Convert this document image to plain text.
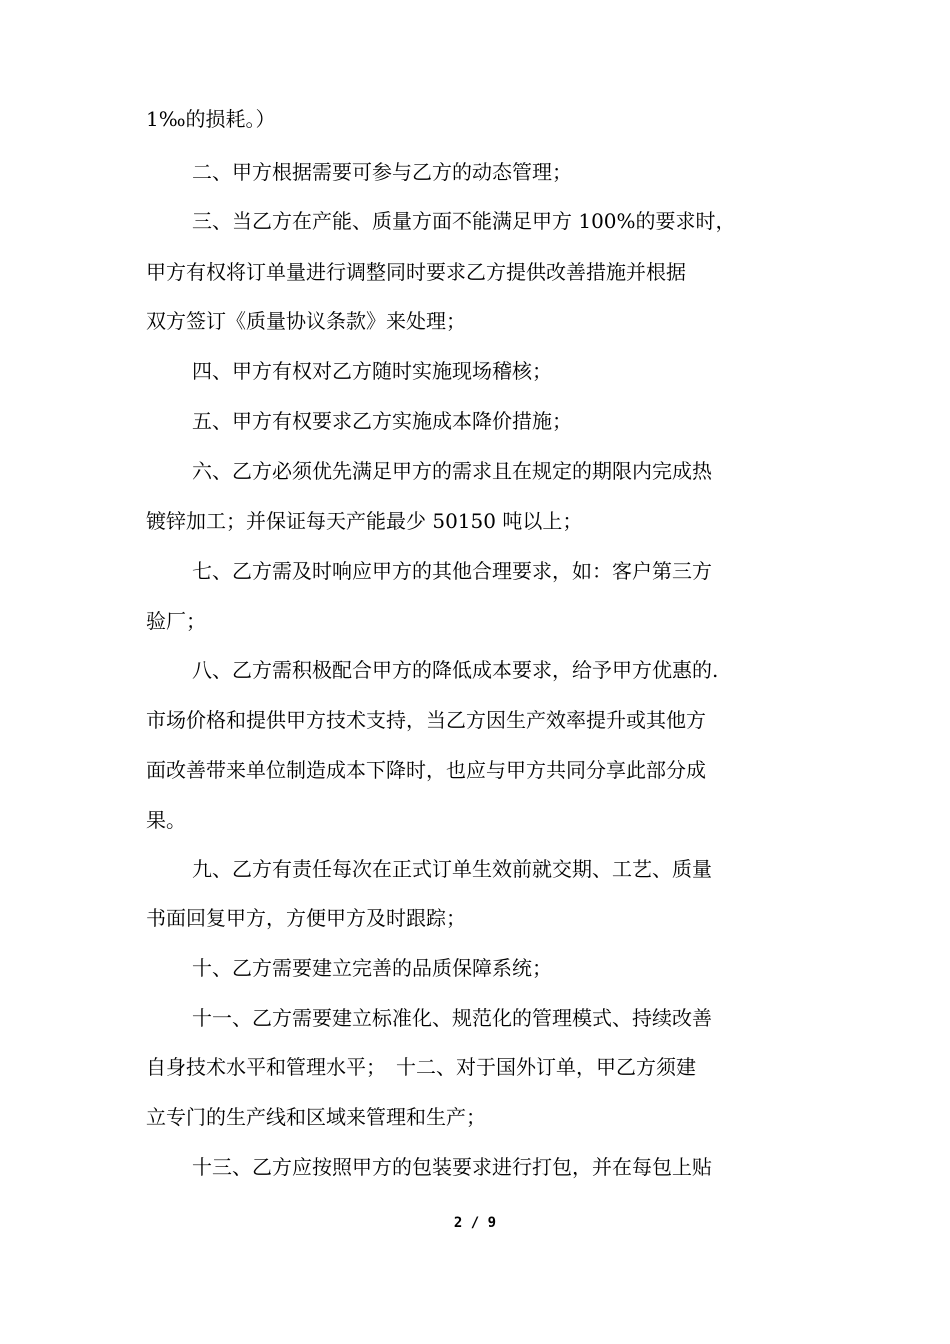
1‰的损耗。）
二、甲方根据需要可参与乙方的动态管理；
三、当乙方在产能、质量方面不能满足甲方 100%的要求时，
甲方有权将订单量进行调整同时要求乙方提供改善措施并根据
双方签订《质量协议条款》来处理；
四、甲方有权对乙方随时实施现场稽核；
五、甲方有权要求乙方实施成本降价措施；
六、乙方必须优先满足甲方的需求且在规定的期限内完成热
镀锌加工；并保证每天产能最少 50150 吨以上；
七、乙方需及时响应甲方的其他合理要求，如：客户第三方
验厂；
八、乙方需积极配合甲方的降低成本要求，给予甲方优惠的.
市场价格和提供甲方技术支持，当乙方因生产效率提升或其他方
面改善带来单位制造成本下降时，也应与甲方共同分享此部分成
果。
九、乙方有责任每次在正式订单生效前就交期、工艺、质量
书面回复甲方，方便甲方及时跟踪；
十、乙方需要建立完善的品质保障系统；
十一、乙方需要建立标准化、规范化的管理模式、持续改善
自身技术水平和管理水平；　十二、对于国外订单，甲乙方须建
立专门的生产线和区域来管理和生产；
十三、乙方应按照甲方的包装要求进行打包，并在每包上贴
2 / 9
